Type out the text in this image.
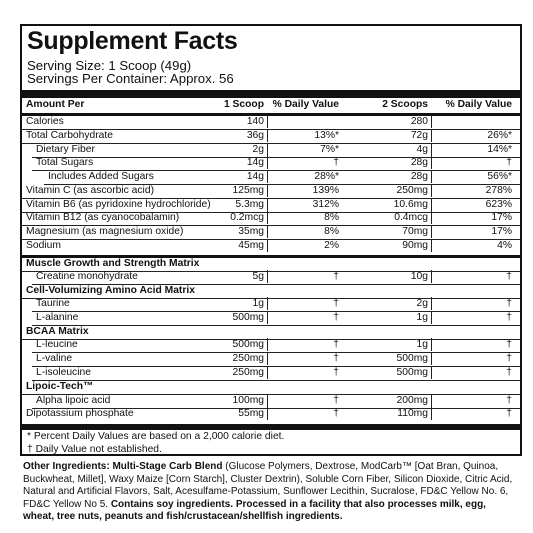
Supplement Facts
Serving Size: 1 Scoop (49g)
Servings Per Container: Approx. 56
Amount Per	1 Scoop % Daily Value	2 Scoops	% Daily Value
Calories	140	280
Total Carbohydrate	36g	13%*	72g	26%*
Dietary Fiber	2g	7%*	4g	14%*
Total Sugars	14g	†	28g	†
Includes Added Sugars	14g	28%*	28g	56%*
Vitamin C (as ascorbic acid)	125mg	139%	250mg	278%
Vitamin B6 (as pyridoxine hydrochloride)	5.3mg	312%	10.6mg	623%
Vitamin B12 (as cyanocobalamin)	0.2mcg	8%	0.4mcg	17%
Magnesium (as magnesium oxide)	35mg	8%	70mg	17%
Sodium	45mg	2%	90mg	4%
Muscle Growth and Strength Matrix
Creatine monohydrate	5g	†	10g	†
Cell-Volumizing Amino Acid Matrix
Taurine	1g	†	2g	†
L-alanine	500mg	†	1g	†
BCAA Matrix
L-leucine	500mg	†	1g	†
L-valine	250mg	†	500mg	†
L-isoleucine	250mg	†	500mg	†
Lipoic-Tech™
Alpha lipoic acid	100mg	†	200mg	†
Dipotassium phosphate	55mg	†	110mg	†
* Percent Daily Values are based on a 2,000 calorie diet.
† Daily Value not established.
Other Ingredients: Multi-Stage Carb Blend (Glucose Polymers, Dextrose, ModCarb™ [Oat Bran, Quinoa, Buckwheat, Millet], Waxy Maize [Corn Starch], Cluster Dextrin), Soluble Corn Fiber, Silicon Dioxide, Citric Acid, Natural and Artificial Flavors, Salt, Acesulfame-Potassium, Sunflower Lecithin, Sucralose, FD&C Yellow No. 6, FD&C Yellow No 5. Contains soy ingredients. Processed in a facility that also processes milk, egg, wheat, tree nuts, peanuts and fish/crustacean/shellfish ingredients.
